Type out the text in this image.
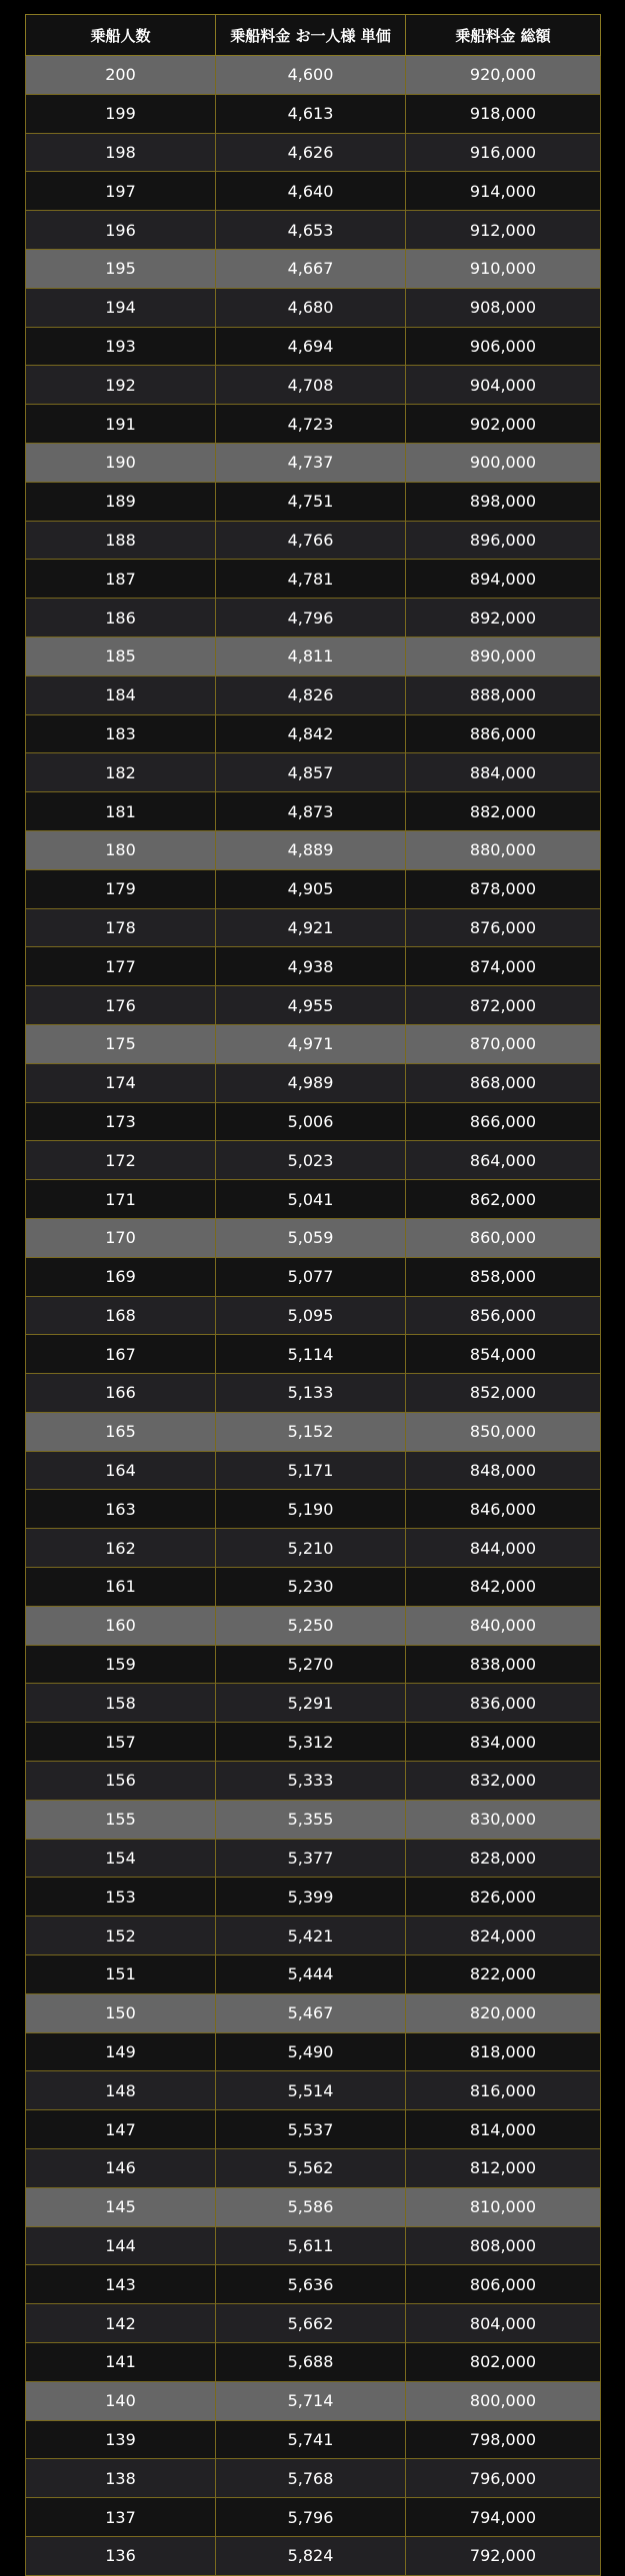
乗船人数	乗船料金 お一人様 単価	乗船料金 総額
200	4,600	920,000
199	4,613	918,000
198	4,626	916,000
197	4,640	914,000
196	4,653	912,000
195	4,667	910,000
194	4,680	908,000
193	4,694	906,000
192	4,708	904,000
191	4,723	902,000
190	4,737	900,000
189	4,751	898,000
188	4,766	896,000
187	4,781	894,000
186	4,796	892,000
185	4,811	890,000
184	4,826	888,000
183	4,842	886,000
182	4,857	884,000
181	4,873	882,000
180	4,889	880,000
179	4,905	878,000
178	4,921	876,000
177	4,938	874,000
176	4,955	872,000
175	4,971	870,000
174	4,989	868,000
173	5,006	866,000
172	5,023	864,000
171	5,041	862,000
170	5,059	860,000
169	5,077	858,000
168	5,095	856,000
167	5,114	854,000
166	5,133	852,000
165	5,152	850,000
164	5,171	848,000
163	5,190	846,000
162	5,210	844,000
161	5,230	842,000
160	5,250	840,000
159	5,270	838,000
158	5,291	836,000
157	5,312	834,000
156	5,333	832,000
155	5,355	830,000
154	5,377	828,000
153	5,399	826,000
152	5,421	824,000
151	5,444	822,000
150	5,467	820,000
149	5,490	818,000
148	5,514	816,000
147	5,537	814,000
146	5,562	812,000
145	5,586	810,000
144	5,611	808,000
143	5,636	806,000
142	5,662	804,000
141	5,688	802,000
140	5,714	800,000
139	5,741	798,000
138	5,768	796,000
137	5,796	794,000
136	5,824	792,000
